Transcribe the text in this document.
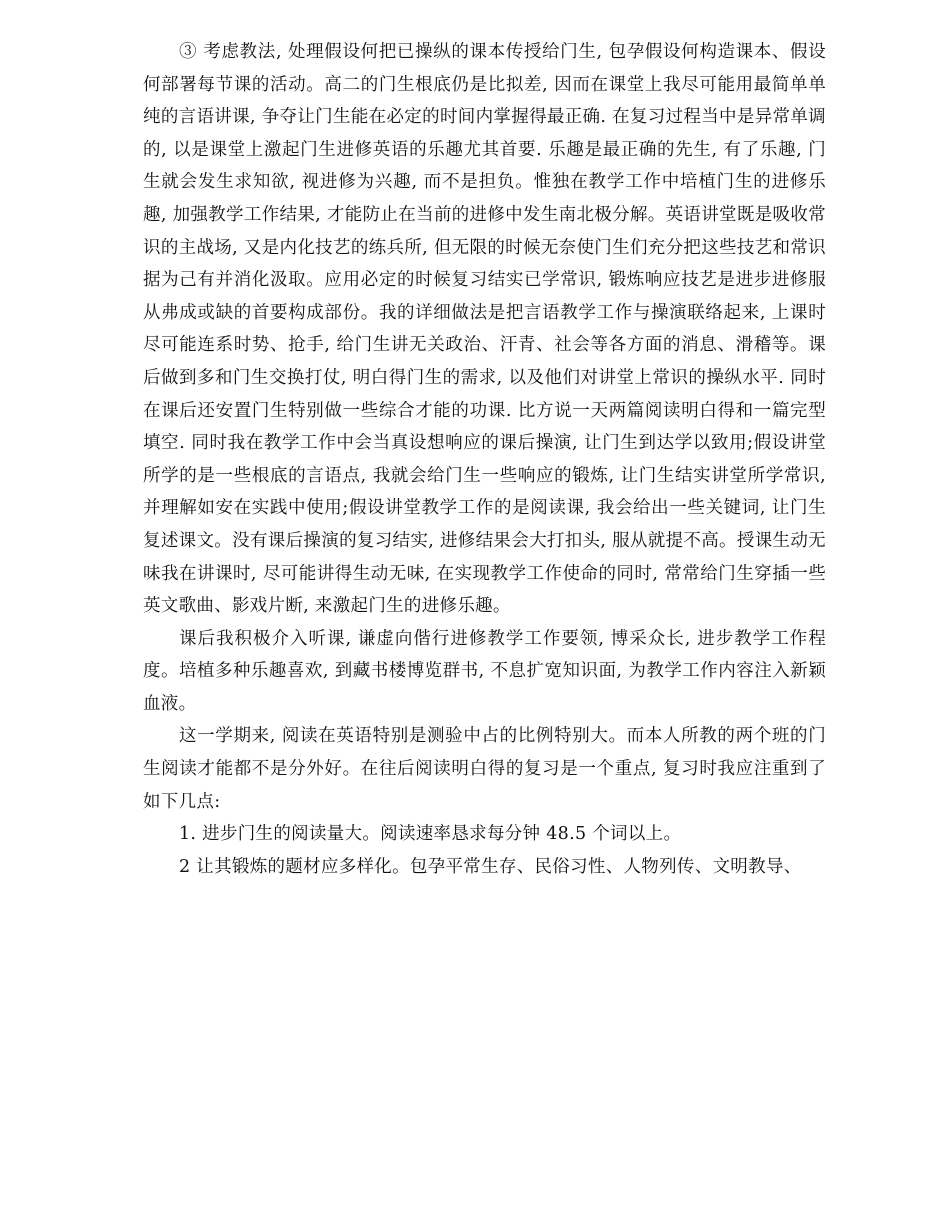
③ 考虑教法, 处理假设何把已操纵的课本传授给门生, 包孕假设何构造课本、假设何部署每节课的活动。高二的门生根底仍是比拟差, 因而在课堂上我尽可能用最简单单纯的言语讲课, 争夺让门生能在必定的时间内掌握得最正确. 在复习过程当中是异常单调的, 以是课堂上激起门生进修英语的乐趣尤其首要. 乐趣是最正确的先生, 有了乐趣, 门生就会发生求知欲, 视进修为兴趣, 而不是担负。惟独在教学工作中培植门生的进修乐趣, 加强教学工作结果, 才能防止在当前的进修中发生南北极分解。英语讲堂既是吸收常识的主战场, 又是内化技艺的练兵所, 但无限的时候无奈使门生们充分把这些技艺和常识据为己有并消化汲取。应用必定的时候复习结实已学常识, 锻炼响应技艺是进步进修服从弗成或缺的首要构成部份。我的详细做法是把言语教学工作与操演联络起来, 上课时尽可能连系时势、抢手, 给门生讲无关政治、汗青、社会等各方面的消息、滑稽等。课后做到多和门生交换打仗, 明白得门生的需求, 以及他们对讲堂上常识的操纵水平. 同时在课后还安置门生特别做一些综合才能的功课. 比方说一天两篇阅读明白得和一篇完型填空. 同时我在教学工作中会当真设想响应的课后操演, 让门生到达学以致用;假设讲堂所学的是一些根底的言语点, 我就会给门生一些响应的锻炼, 让门生结实讲堂所学常识, 并理解如安在实践中使用;假设讲堂教学工作的是阅读课, 我会给出一些关键词, 让门生复述课文。没有课后操演的复习结实, 进修结果会大打扣头, 服从就提不高。授课生动无味我在讲课时, 尽可能讲得生动无味, 在实现教学工作使命的同时, 常常给门生穿插一些英文歌曲、影戏片断, 来激起门生的进修乐趣。

课后我积极介入听课, 谦虚向偕行进修教学工作要领, 博采众长, 进步教学工作程度。培植多种乐趣喜欢, 到藏书楼博览群书, 不息扩宽知识面, 为教学工作内容注入新颖血液。

这一学期来, 阅读在英语特别是测验中占的比例特别大。而本人所教的两个班的门生阅读才能都不是分外好。在往后阅读明白得的复习是一个重点, 复习时我应注重到了如下几点:

1. 进步门生的阅读量大。阅读速率恳求每分钟 48.5 个词以上。

2 让其锻炼的题材应多样化。包孕平常生存、民俗习性、人物列传、文明教导、
